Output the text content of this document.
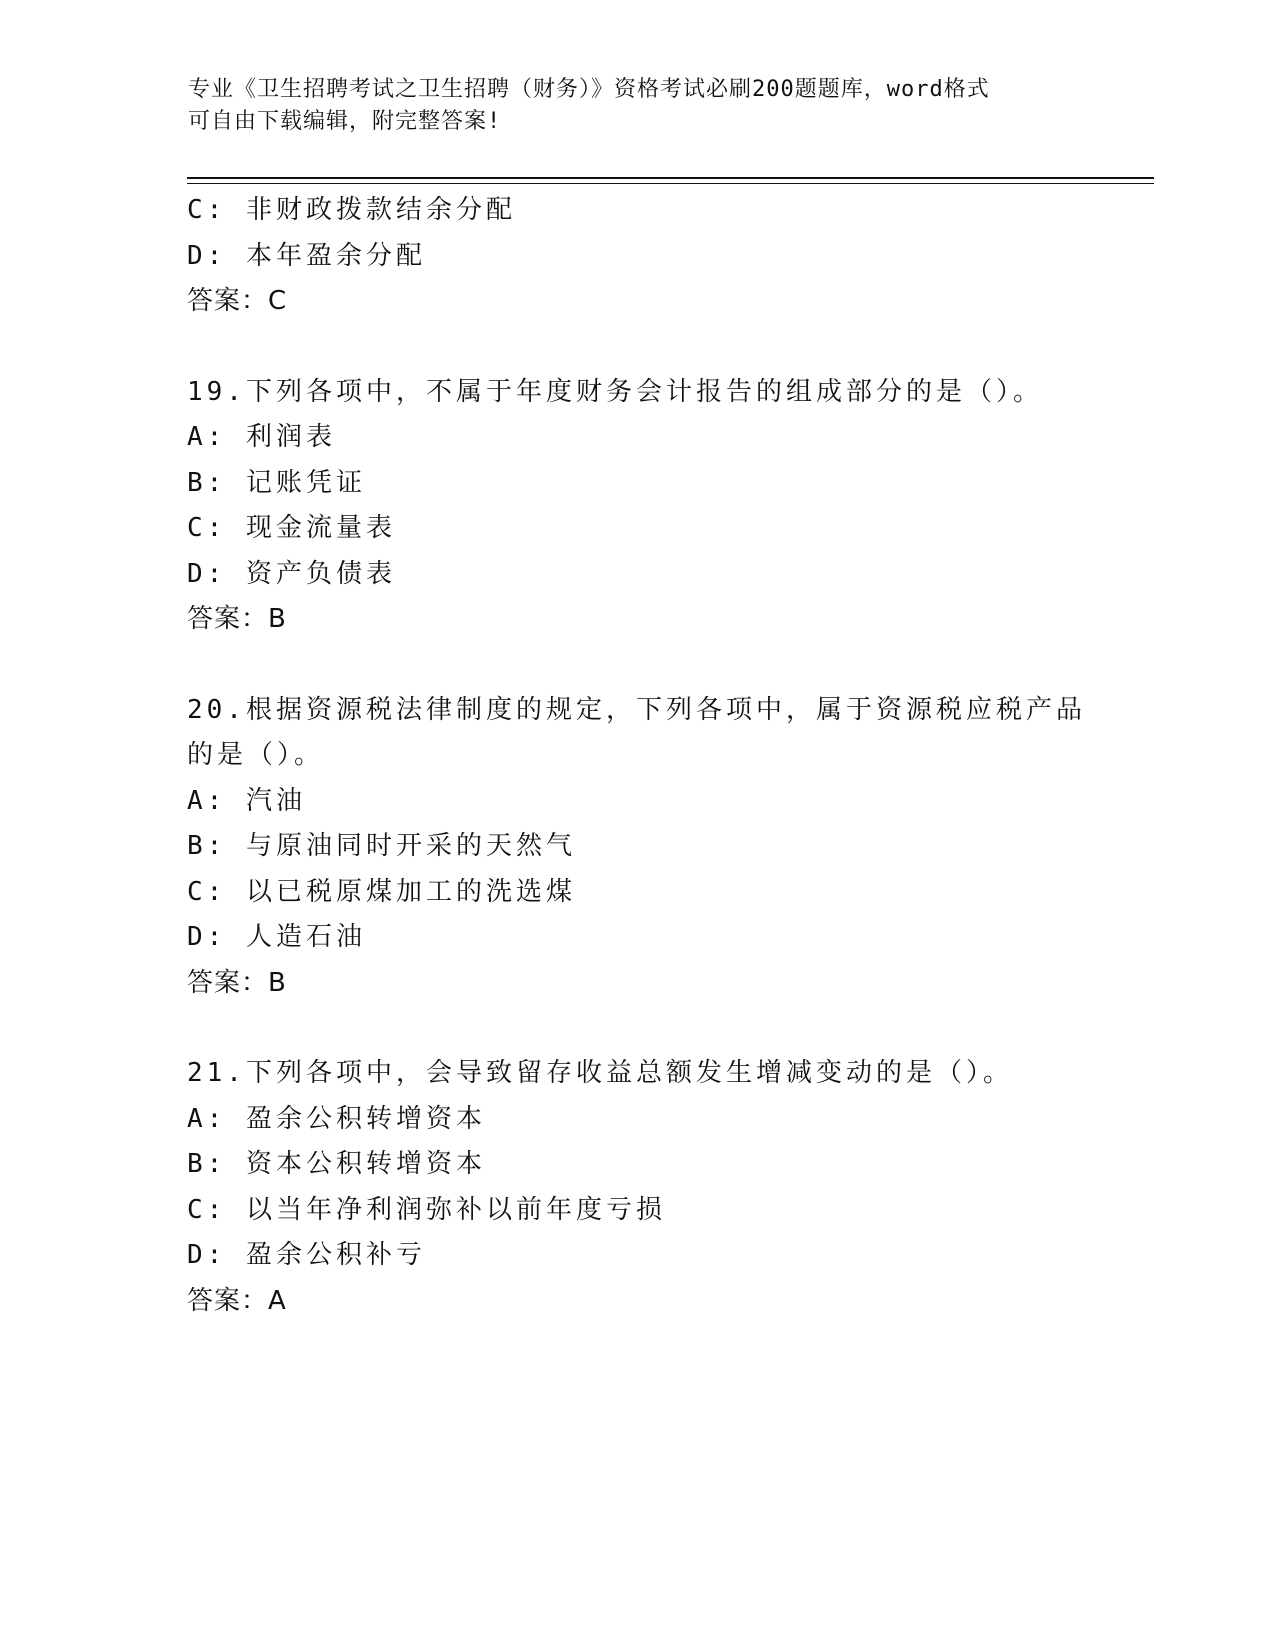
专业《卫生招聘考试之卫生招聘（财务）》资格考试必刷200题题库，word格式
可自由下载编辑，附完整答案!
C: 非财政拨款结余分配
D: 本年盈余分配
答案：C
19.下列各项中，不属于年度财务会计报告的组成部分的是（）。
A: 利润表
B: 记账凭证
C: 现金流量表
D: 资产负债表
答案：B
20.根据资源税法律制度的规定，下列各项中，属于资源税应税产品的是（）。
A: 汽油
B: 与原油同时开采的天然气
C: 以已税原煤加工的洗选煤
D: 人造石油
答案：B
21.下列各项中，会导致留存收益总额发生增减变动的是（）。
A: 盈余公积转增资本
B: 资本公积转增资本
C: 以当年净利润弥补以前年度亏损
D: 盈余公积补亏
答案：A
